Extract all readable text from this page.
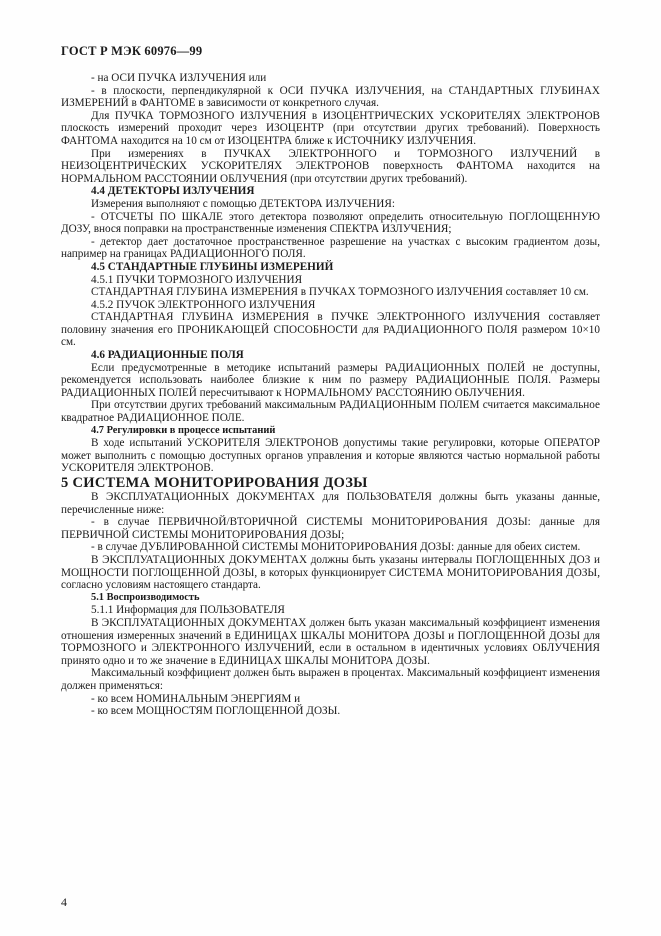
ГОСТ Р МЭК 60976—99

- на ОСИ ПУЧКА ИЗЛУЧЕНИЯ или

- в плоскости, перпендикулярной к ОСИ ПУЧКА ИЗЛУЧЕНИЯ, на СТАНДАРТНЫХ ГЛУБИНАХ ИЗМЕРЕНИЙ в ФАНТОМЕ в зависимости от конкретного случая.

Для ПУЧКА ТОРМОЗНОГО ИЗЛУЧЕНИЯ в ИЗОЦЕНТРИЧЕСКИХ УСКОРИТЕЛЯХ ЭЛЕКТРОНОВ плоскость измерений проходит через ИЗОЦЕНТР (при отсутствии других требований). Поверхность ФАНТОМА находится на 10 см от ИЗОЦЕНТРА ближе к ИСТОЧНИКУ ИЗЛУЧЕНИЯ.

При измерениях в ПУЧКАХ ЭЛЕКТРОННОГО и ТОРМОЗНОГО ИЗЛУЧЕНИЙ в НЕИЗОЦЕНТРИЧЕСКИХ УСКОРИТЕЛЯХ ЭЛЕКТРОНОВ поверхность ФАНТОМА находится на НОРМАЛЬНОМ РАССТОЯНИИ ОБЛУЧЕНИЯ (при отсутствии других требований).

4.4 ДЕТЕКТОРЫ ИЗЛУЧЕНИЯ

Измерения выполняют с помощью ДЕТЕКТОРА ИЗЛУЧЕНИЯ:

- ОТСЧЕТЫ ПО ШКАЛЕ этого детектора позволяют определить относительную ПОГЛОЩЕННУЮ ДОЗУ, внося поправки на пространственные изменения СПЕКТРА ИЗЛУЧЕНИЯ;

- детектор дает достаточное пространственное разрешение на участках с высоким градиентом дозы, например на границах РАДИАЦИОННОГО ПОЛЯ.

4.5 СТАНДАРТНЫЕ ГЛУБИНЫ ИЗМЕРЕНИЙ

4.5.1 ПУЧКИ ТОРМОЗНОГО ИЗЛУЧЕНИЯ

СТАНДАРТНАЯ ГЛУБИНА ИЗМЕРЕНИЯ в ПУЧКАХ ТОРМОЗНОГО ИЗЛУЧЕНИЯ составляет 10 см.

4.5.2 ПУЧОК ЭЛЕКТРОННОГО ИЗЛУЧЕНИЯ

СТАНДАРТНАЯ ГЛУБИНА ИЗМЕРЕНИЯ в ПУЧКЕ ЭЛЕКТРОННОГО ИЗЛУЧЕНИЯ составляет половину значения его ПРОНИКАЮЩЕЙ СПОСОБНОСТИ для РАДИАЦИОННОГО ПОЛЯ размером 10×10 см.

4.6 РАДИАЦИОННЫЕ ПОЛЯ

Если предусмотренные в методике испытаний размеры РАДИАЦИОННЫХ ПОЛЕЙ не доступны, рекомендуется использовать наиболее близкие к ним по размеру РАДИАЦИОННЫЕ ПОЛЯ. Размеры РАДИАЦИОННЫХ ПОЛЕЙ пересчитывают к НОРМАЛЬНОМУ РАССТОЯНИЮ ОБЛУЧЕНИЯ.

При отсутствии других требований максимальным РАДИАЦИОННЫМ ПОЛЕМ считается максимальное квадратное РАДИАЦИОННОЕ ПОЛЕ.

4.7 Регулировки в процессе испытаний

В ходе испытаний УСКОРИТЕЛЯ ЭЛЕКТРОНОВ допустимы такие регулировки, которые ОПЕРАТОР может выполнить с помощью доступных органов управления и которые являются частью нормальной работы УСКОРИТЕЛЯ ЭЛЕКТРОНОВ.

5 СИСТЕМА МОНИТОРИРОВАНИЯ ДОЗЫ

В ЭКСПЛУАТАЦИОННЫХ ДОКУМЕНТАХ для ПОЛЬЗОВАТЕЛЯ должны быть указаны данные, перечисленные ниже:

- в случае ПЕРВИЧНОЙ/ВТОРИЧНОЙ СИСТЕМЫ МОНИТОРИРОВАНИЯ ДОЗЫ: данные для ПЕРВИЧНОЙ СИСТЕМЫ МОНИТОРИРОВАНИЯ ДОЗЫ;

- в случае ДУБЛИРОВАННОЙ СИСТЕМЫ МОНИТОРИРОВАНИЯ ДОЗЫ: данные для обеих систем.

В ЭКСПЛУАТАЦИОННЫХ ДОКУМЕНТАХ должны быть указаны интервалы ПОГЛОЩЕННЫХ ДОЗ и МОЩНОСТИ ПОГЛОЩЕННОЙ ДОЗЫ, в которых функционирует СИСТЕМА МОНИТОРИРОВАНИЯ ДОЗЫ, согласно условиям настоящего стандарта.

5.1 Воспроизводимость

5.1.1 Информация для ПОЛЬЗОВАТЕЛЯ

В ЭКСПЛУАТАЦИОННЫХ ДОКУМЕНТАХ должен быть указан максимальный коэффициент изменения отношения измеренных значений в ЕДИНИЦАХ ШКАЛЫ МОНИТОРА ДОЗЫ и ПОГЛОЩЕННОЙ ДОЗЫ для ТОРМОЗНОГО и ЭЛЕКТРОННОГО ИЗЛУЧЕНИЙ, если в остальном в идентичных условиях ОБЛУЧЕНИЯ принято одно и то же значение в ЕДИНИЦАХ ШКАЛЫ МОНИТОРА ДОЗЫ.

Максимальный коэффициент должен быть выражен в процентах. Максимальный коэффициент изменения должен применяться:

- ко всем НОМИНАЛЬНЫМ ЭНЕРГИЯМ и

- ко всем МОЩНОСТЯМ ПОГЛОЩЕННОЙ ДОЗЫ.

4
